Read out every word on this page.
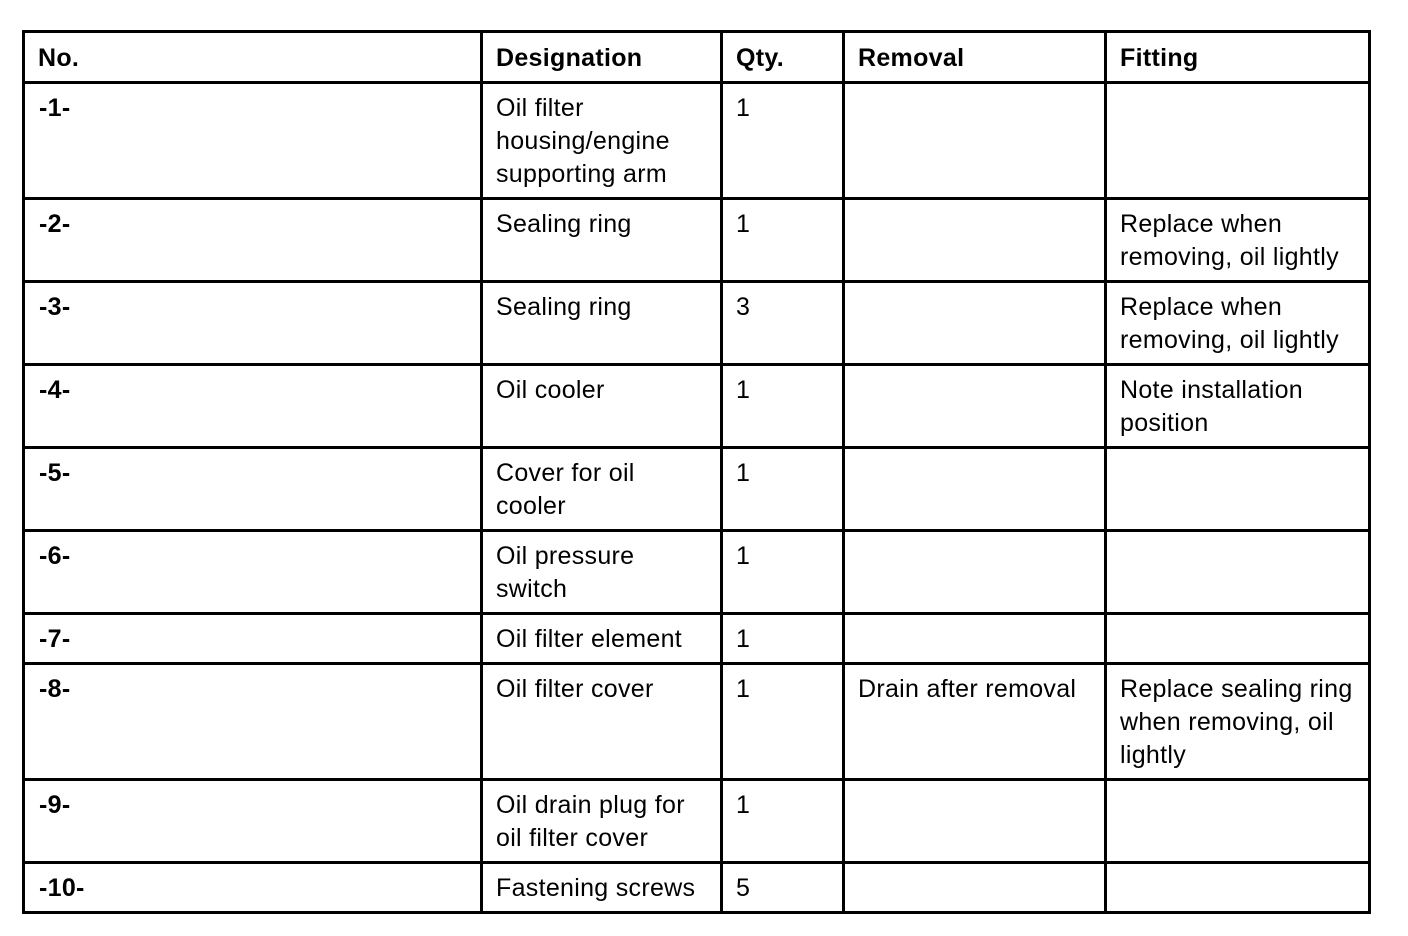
No.	Designation	Qty.	Removal	Fitting
-1-	Oil filter housing/engine supporting arm	1		
-2-	Sealing ring	1		Replace when removing, oil lightly
-3-	Sealing ring	3		Replace when removing, oil lightly
-4-	Oil cooler	1		Note installation position
-5-	Cover for oil cooler	1		
-6-	Oil pressure switch	1		
-7-	Oil filter element	1		
-8-	Oil filter cover	1	Drain after removal	Replace sealing ring when removing, oil lightly
-9-	Oil drain plug for oil filter cover	1		
-10-	Fastening screws	5		
